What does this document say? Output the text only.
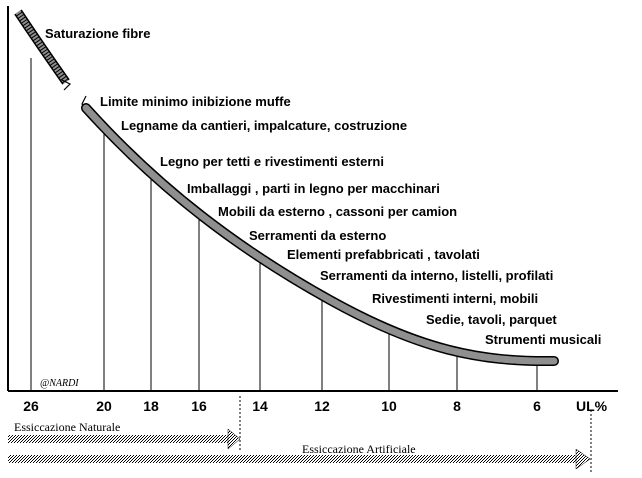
Saturazione fibre
Limite minimo inibizione muffe
Legname da cantieri, impalcature, costruzione
Legno per tetti e rivestimenti esterni
Imballaggi , parti in legno per macchinari
Mobili da esterno , cassoni per camion
Serramenti da esterno
Elementi prefabbricati , tavolati
Serramenti da interno, listelli, profilati
Rivestimenti interni, mobili
Sedie, tavoli, parquet
Strumenti musicali
@NARDI
26	20 18 16	14	12	10	8	6	UL%
Essiccazione Naturale
Essiccazione Artificiale
